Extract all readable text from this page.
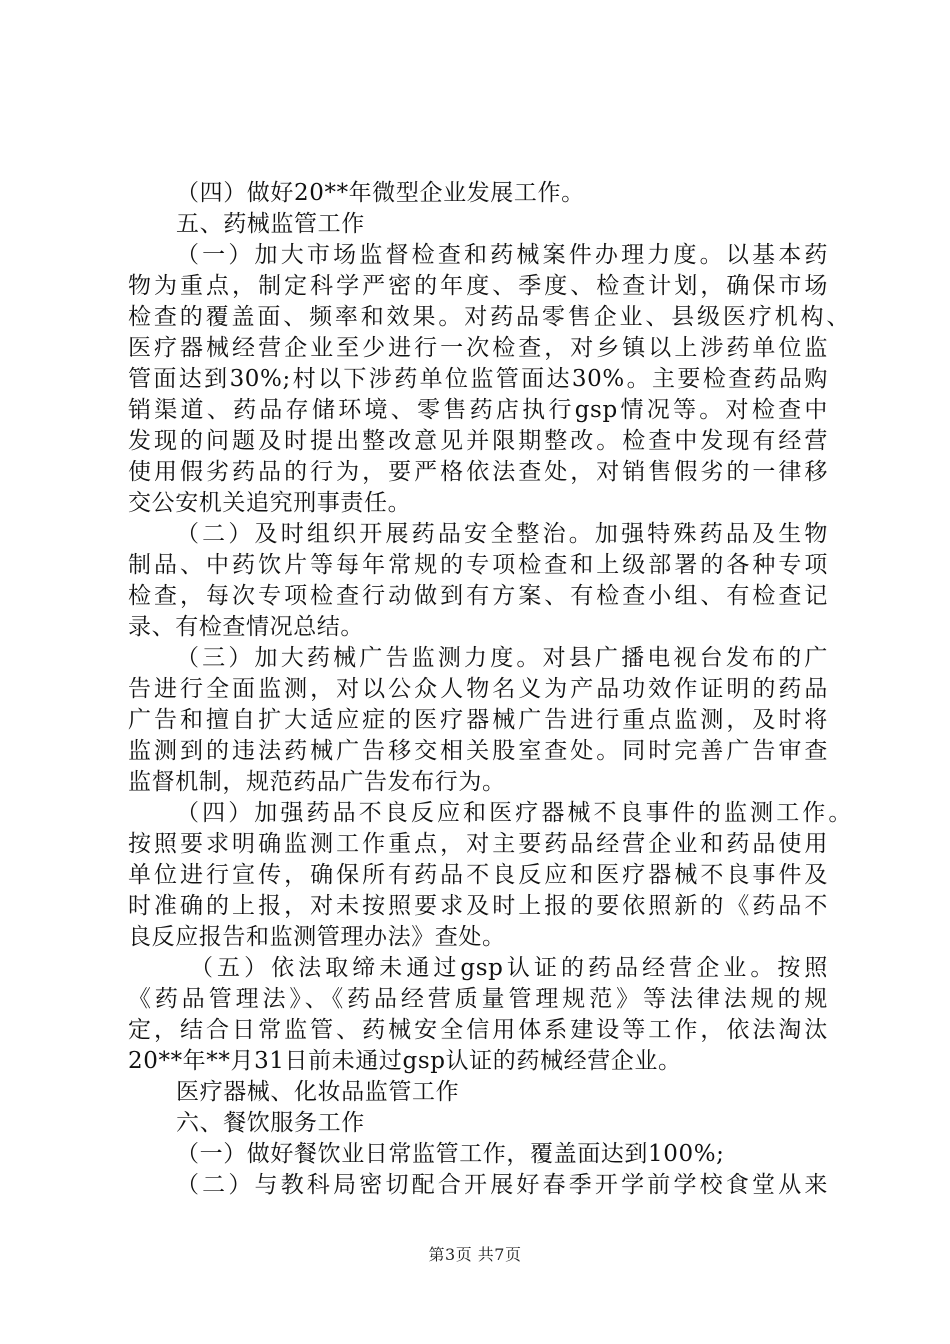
（四）做好20**年微型企业发展工作。
五、药械监管工作
（一）加大市场监督检查和药械案件办理力度。以基本药
物为重点，制定科学严密的年度、季度、检查计划，确保市场
检查的覆盖面、频率和效果。对药品零售企业、县级医疗机构、
医疗器械经营企业至少进行一次检查，对乡镇以上涉药单位监
管面达到30%;村以下涉药单位监管面达30%。主要检查药品购
销渠道、药品存储环境、零售药店执行gsp情况等。对检查中
发现的问题及时提出整改意见并限期整改。检查中发现有经营
使用假劣药品的行为，要严格依法查处，对销售假劣的一律移
交公安机关追究刑事责任。
（二）及时组织开展药品安全整治。加强特殊药品及生物
制品、中药饮片等每年常规的专项检查和上级部署的各种专项
检查，每次专项检查行动做到有方案、有检查小组、有检查记
录、有检查情况总结。
（三）加大药械广告监测力度。对县广播电视台发布的广
告进行全面监测，对以公众人物名义为产品功效作证明的药品
广告和擅自扩大适应症的医疗器械广告进行重点监测，及时将
监测到的违法药械广告移交相关股室查处。同时完善广告审查
监督机制，规范药品广告发布行为。
（四）加强药品不良反应和医疗器械不良事件的监测工作。
按照要求明确监测工作重点，对主要药品经营企业和药品使用
单位进行宣传，确保所有药品不良反应和医疗器械不良事件及
时准确的上报，对未按照要求及时上报的要依照新的《药品不
良反应报告和监测管理办法》查处。
（五）依法取缔未通过gsp认证的药品经营企业。按照
《药品管理法》、《药品经营质量管理规范》等法律法规的规
定，结合日常监管、药械安全信用体系建设等工作，依法淘汰
20**年**月31日前未通过gsp认证的药械经营企业。
医疗器械、化妆品监管工作
六、餐饮服务工作
（一）做好餐饮业日常监管工作，覆盖面达到100%;
（二）与教科局密切配合开展好春季开学前学校食堂从来
第3页 共7页
